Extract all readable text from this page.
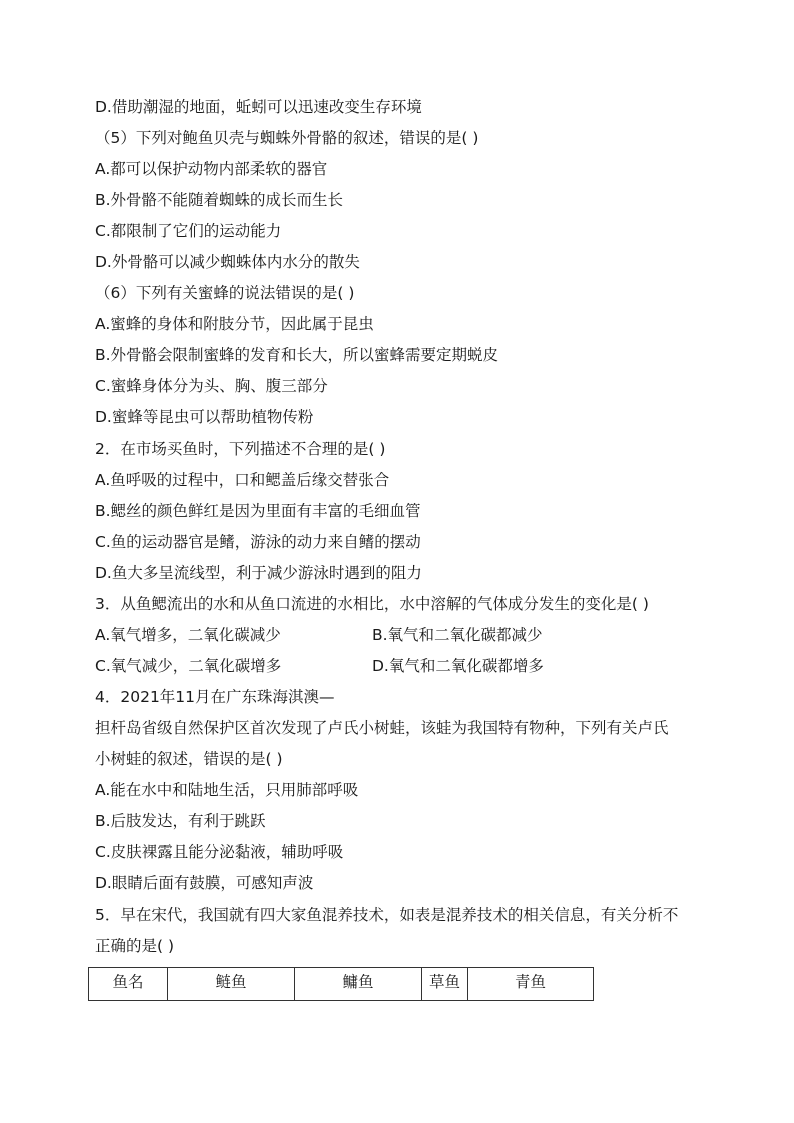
D.借助潮湿的地面，蚯蚓可以迅速改变生存环境
（5）下列对鲍鱼贝壳与蜘蛛外骨骼的叙述，错误的是( )
A.都可以保护动物内部柔软的器官
B.外骨骼不能随着蜘蛛的成长而生长
C.都限制了它们的运动能力
D.外骨骼可以减少蜘蛛体内水分的散失
（6）下列有关蜜蜂的说法错误的是( )
A.蜜蜂的身体和附肢分节，因此属于昆虫
B.外骨骼会限制蜜蜂的发育和长大，所以蜜蜂需要定期蜕皮
C.蜜蜂身体分为头、胸、腹三部分
D.蜜蜂等昆虫可以帮助植物传粉
2．在市场买鱼时，下列描述不合理的是( )
A.鱼呼吸的过程中，口和鳃盖后缘交替张合
B.鳃丝的颜色鲜红是因为里面有丰富的毛细血管
C.鱼的运动器官是鳍，游泳的动力来自鳍的摆动
D.鱼大多呈流线型，利于减少游泳时遇到的阻力
3．从鱼鳃流出的水和从鱼口流进的水相比，水中溶解的气体成分发生的变化是( )
A.氧气增多，二氧化碳减少	B.氧气和二氧化碳都减少
C.氧气减少，二氧化碳增多	D.氧气和二氧化碳都增多
4．2021年11月在广东珠海淇澳—
担杆岛省级自然保护区首次发现了卢氏小树蛙，该蛙为我国特有物种，下列有关卢氏
小树蛙的叙述，错误的是( )
A.能在水中和陆地生活，只用肺部呼吸
B.后肢发达，有利于跳跃
C.皮肤裸露且能分泌黏液，辅助呼吸
D.眼睛后面有鼓膜，可感知声波
5．早在宋代，我国就有四大家鱼混养技术，如表是混养技术的相关信息，有关分析不
正确的是( )
鱼名	鲢鱼	鳙鱼	草鱼	青鱼
